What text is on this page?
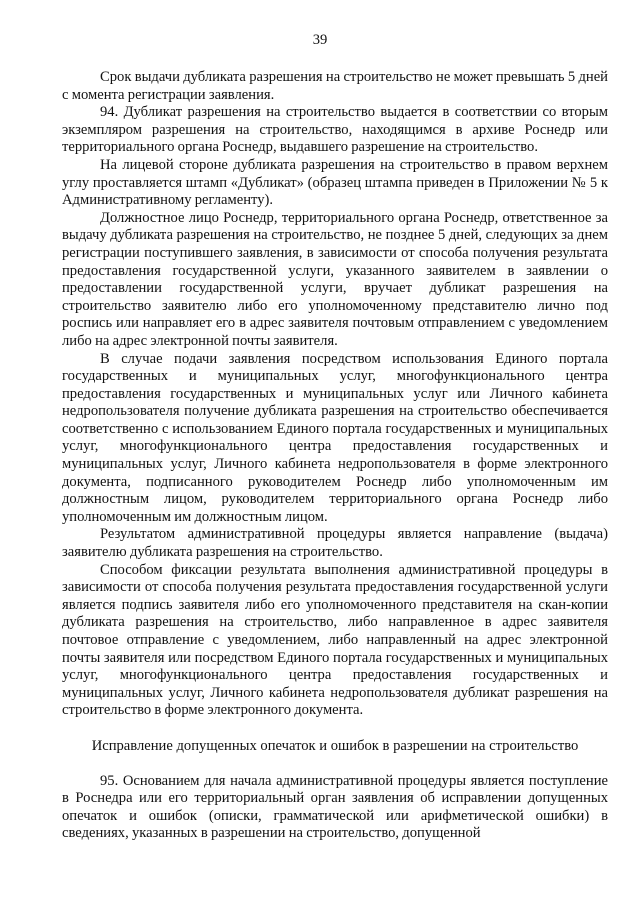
39

Срок выдачи дубликата разрешения на строительство не может превышать 5 дней с момента регистрации заявления.

94. Дубликат разрешения на строительство выдается в соответствии со вторым экземпляром разрешения на строительство, находящимся в архиве Роснедр или территориального органа Роснедр, выдавшего разрешение на строительство.

На лицевой стороне дубликата разрешения на строительство в правом верхнем углу проставляется штамп «Дубликат» (образец штампа приведен в Приложении № 5 к Административному регламенту).

Должностное лицо Роснедр, территориального органа Роснедр, ответственное за выдачу дубликата разрешения на строительство, не позднее 5 дней, следующих за днем регистрации поступившего заявления, в зависимости от способа получения результата предоставления государственной услуги, указанного заявителем в заявлении о предоставлении государственной услуги, вручает дубликат разрешения на строительство заявителю либо его уполномоченному представителю лично под роспись или направляет его в адрес заявителя почтовым отправлением с уведомлением либо на адрес электронной почты заявителя.

В случае подачи заявления посредством использования Единого портала государственных и муниципальных услуг, многофункционального центра предоставления государственных и муниципальных услуг или Личного кабинета недропользователя получение дубликата разрешения на строительство обеспечивается соответственно с использованием Единого портала государственных и муниципальных услуг, многофункционального центра предоставления государственных и муниципальных услуг, Личного кабинета недропользователя в форме электронного документа, подписанного руководителем Роснедр либо уполномоченным им должностным лицом, руководителем территориального органа Роснедр либо уполномоченным им должностным лицом.

Результатом административной процедуры является направление (выдача) заявителю дубликата разрешения на строительство.

Способом фиксации результата выполнения административной процедуры в зависимости от способа получения результата предоставления государственной услуги является подпись заявителя либо его уполномоченного представителя на скан-копии дубликата разрешения на строительство, либо направленное в адрес заявителя почтовое отправление с уведомлением, либо направленный на адрес электронной почты заявителя или посредством Единого портала государственных и муниципальных услуг, многофункционального центра предоставления государственных и муниципальных услуг, Личного кабинета недропользователя дубликат разрешения на строительство в форме электронного документа.

Исправление допущенных опечаток и ошибок в разрешении на строительство

95. Основанием для начала административной процедуры является поступление в Роснедра или его территориальный орган заявления об исправлении допущенных опечаток и ошибок (описки, грамматической или арифметической ошибки) в сведениях, указанных в разрешении на строительство, допущенной
